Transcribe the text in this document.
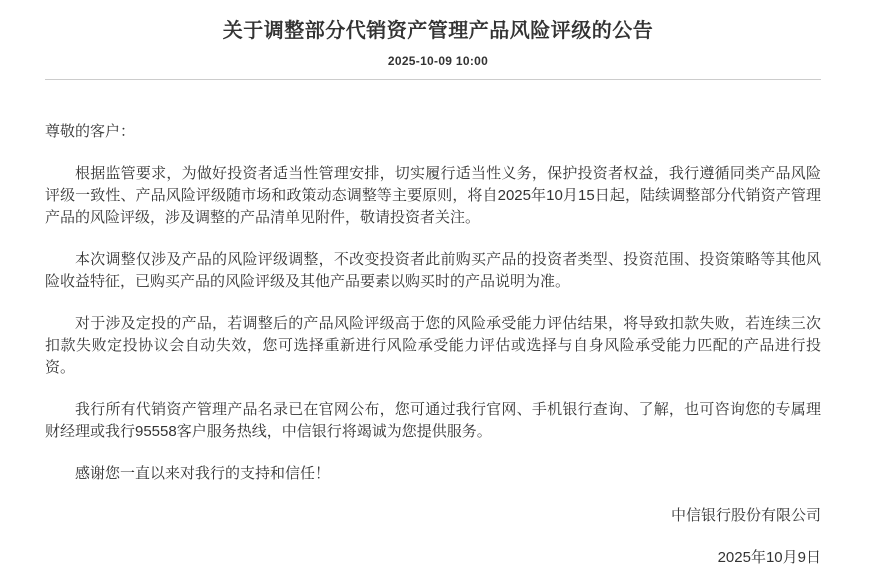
关于调整部分代销资产管理产品风险评级的公告
2025-10-09 10:00

尊敬的客户：

根据监管要求，为做好投资者适当性管理安排，切实履行适当性义务，保护投资者权益，我行遵循同类产品风险评级一致性、产品风险评级随市场和政策动态调整等主要原则，将自2025年10月15日起，陆续调整部分代销资产管理产品的风险评级，涉及调整的产品清单见附件，敬请投资者关注。

本次调整仅涉及产品的风险评级调整，不改变投资者此前购买产品的投资者类型、投资范围、投资策略等其他风险收益特征，已购买产品的风险评级及其他产品要素以购买时的产品说明为准。

对于涉及定投的产品，若调整后的产品风险评级高于您的风险承受能力评估结果，将导致扣款失败，若连续三次扣款失败定投协议会自动失效，您可选择重新进行风险承受能力评估或选择与自身风险承受能力匹配的产品进行投资。

我行所有代销资产管理产品名录已在官网公布，您可通过我行官网、手机银行查询、了解，也可咨询您的专属理财经理或我行95558客户服务热线，中信银行将竭诚为您提供服务。

感谢您一直以来对我行的支持和信任！

中信银行股份有限公司

2025年10月9日
